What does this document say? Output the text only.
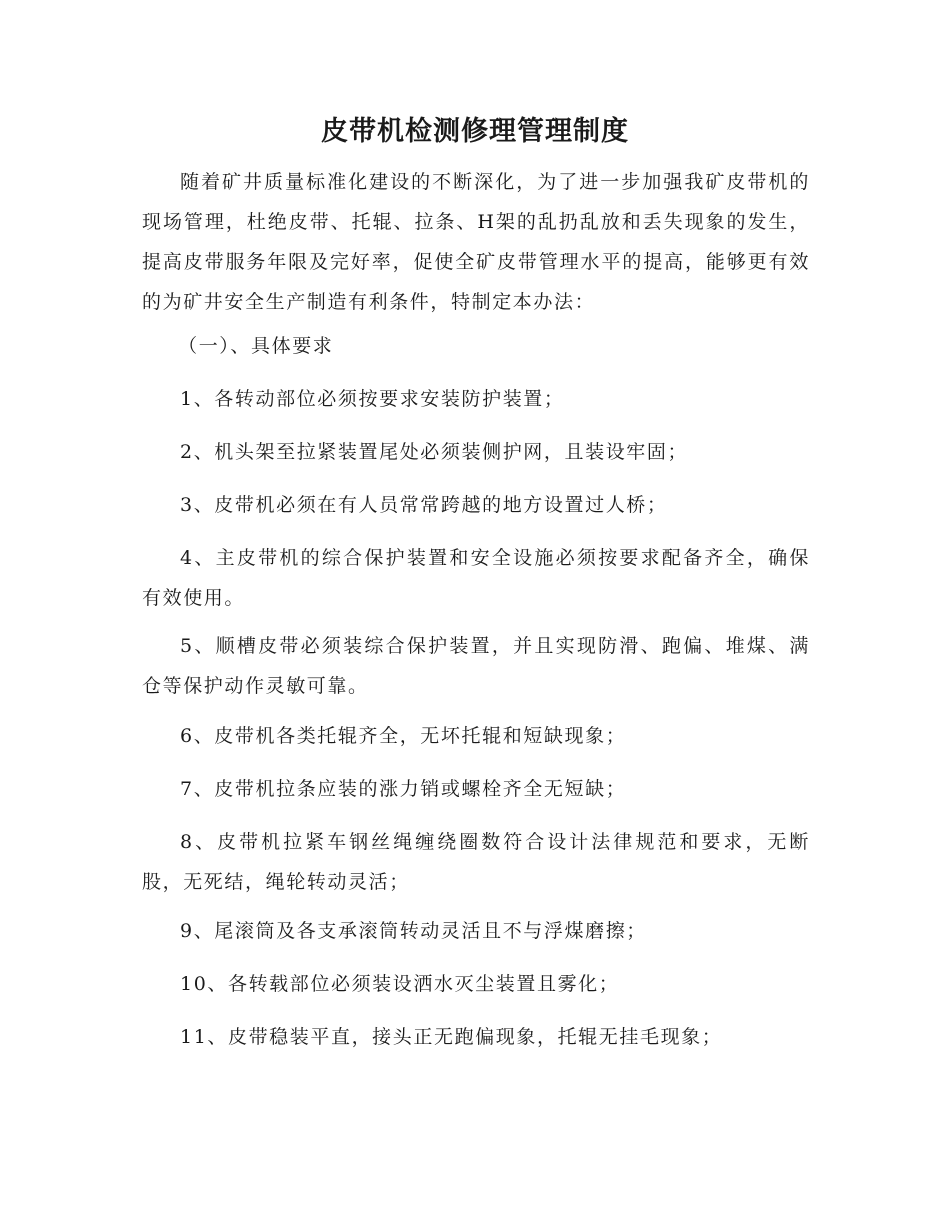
皮带机检测修理管理制度

随着矿井质量标准化建设的不断深化，为了进一步加强我矿皮带机的现场管理，杜绝皮带、托辊、拉条、H架的乱扔乱放和丢失现象的发生，提高皮带服务年限及完好率，促使全矿皮带管理水平的提高，能够更有效的为矿井安全生产制造有利条件，特制定本办法：

（一）、具体要求

1、各转动部位必须按要求安装防护装置；

2、机头架至拉紧装置尾处必须装侧护网，且装设牢固；

3、皮带机必须在有人员常常跨越的地方设置过人桥；

4、主皮带机的综合保护装置和安全设施必须按要求配备齐全，确保有效使用。

5、顺槽皮带必须装综合保护装置，并且实现防滑、跑偏、堆煤、满仓等保护动作灵敏可靠。

6、皮带机各类托辊齐全，无坏托辊和短缺现象；

7、皮带机拉条应装的涨力销或螺栓齐全无短缺；

8、皮带机拉紧车钢丝绳缠绕圈数符合设计法律规范和要求，无断股，无死结，绳轮转动灵活；

9、尾滚筒及各支承滚筒转动灵活且不与浮煤磨擦；

10、各转载部位必须装设洒水灭尘装置且雾化；

11、皮带稳装平直，接头正无跑偏现象，托辊无挂毛现象；
